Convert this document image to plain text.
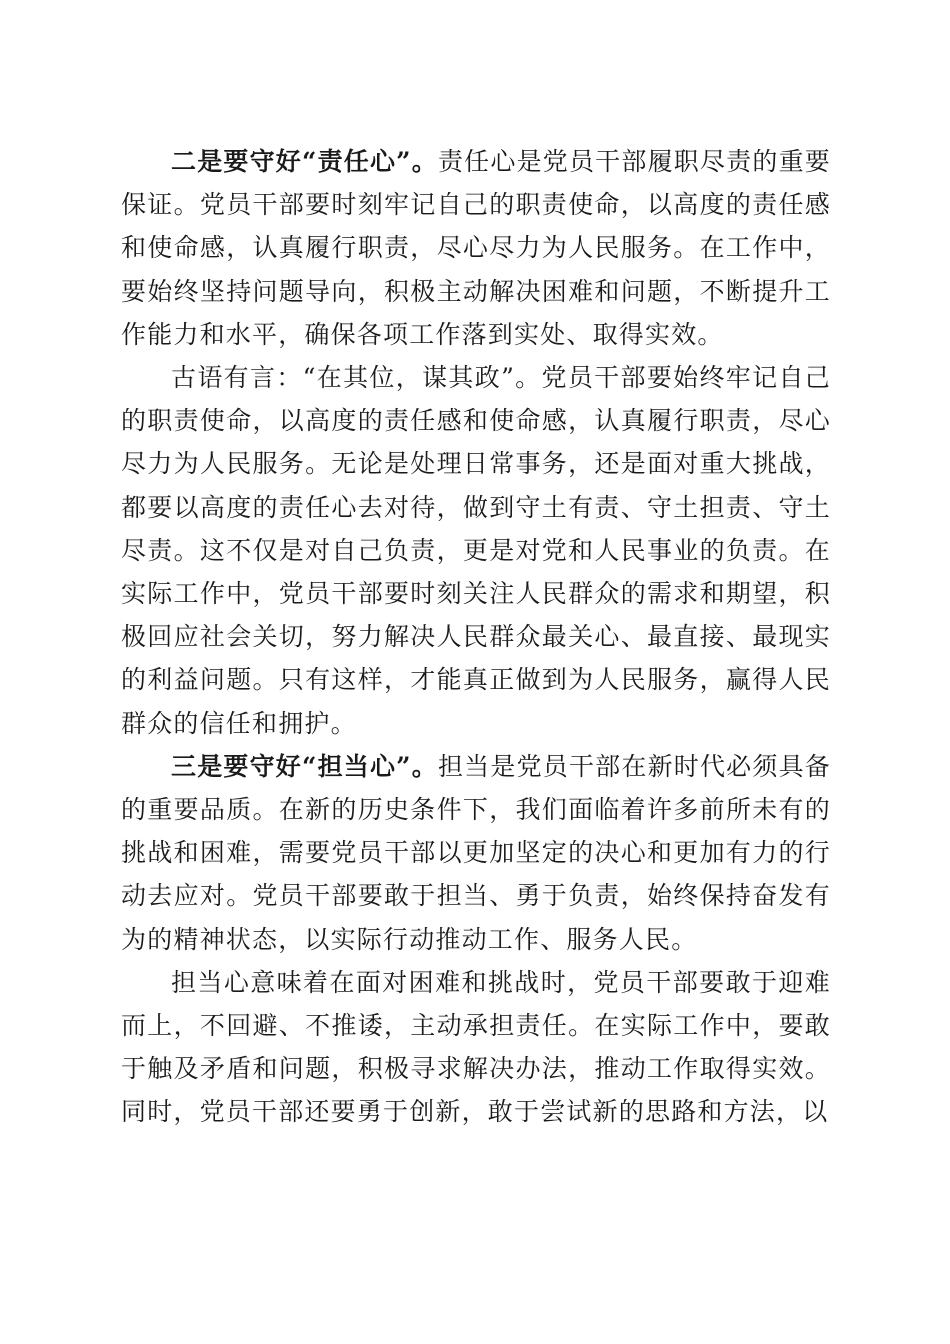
二是要守好“责任心”。责任心是党员干部履职尽责的重要保证。党员干部要时刻牢记自己的职责使命，以高度的责任感和使命感，认真履行职责，尽心尽力为人民服务。在工作中，要始终坚持问题导向，积极主动解决困难和问题，不断提升工作能力和水平，确保各项工作落到实处、取得实效。

古语有言：“在其位，谋其政”。党员干部要始终牢记自己的职责使命，以高度的责任感和使命感，认真履行职责，尽心尽力为人民服务。无论是处理日常事务，还是面对重大挑战，都要以高度的责任心去对待，做到守土有责、守土担责、守土尽责。这不仅是对自己负责，更是对党和人民事业的负责。在实际工作中，党员干部要时刻关注人民群众的需求和期望，积极回应社会关切，努力解决人民群众最关心、最直接、最现实的利益问题。只有这样，才能真正做到为人民服务，赢得人民群众的信任和拥护。

三是要守好“担当心”。担当是党员干部在新时代必须具备的重要品质。在新的历史条件下，我们面临着许多前所未有的挑战和困难，需要党员干部以更加坚定的决心和更加有力的行动去应对。党员干部要敢于担当、勇于负责，始终保持奋发有为的精神状态，以实际行动推动工作、服务人民。

担当心意味着在面对困难和挑战时，党员干部要敢于迎难而上，不回避、不推诿，主动承担责任。在实际工作中，要敢于触及矛盾和问题，积极寻求解决办法，推动工作取得实效。同时，党员干部还要勇于创新，敢于尝试新的思路和方法，以
